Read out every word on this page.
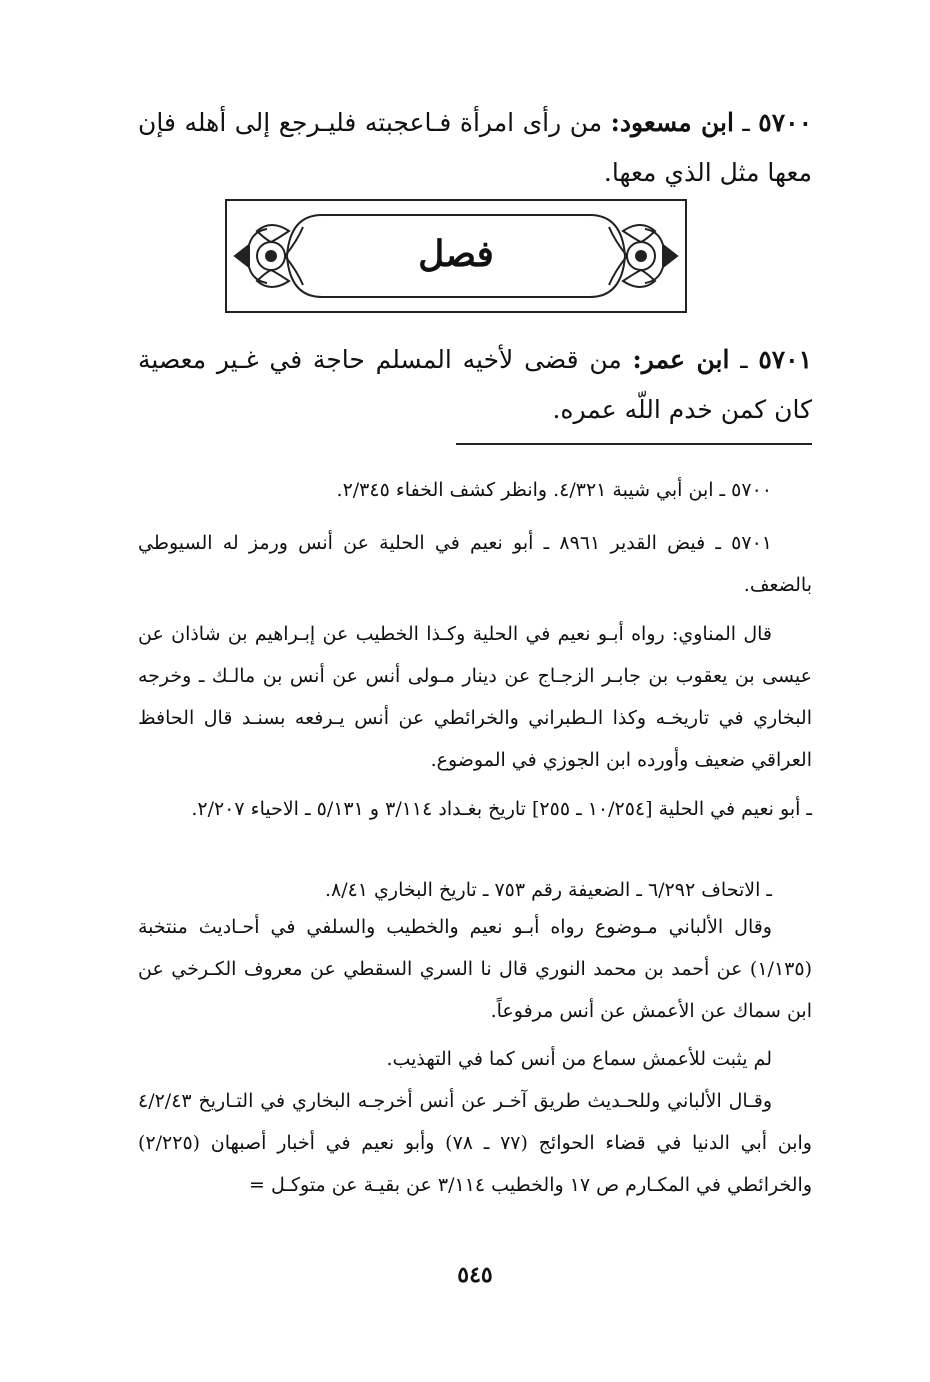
٥٧٠٠ ـ ابن مسعود: من رأى امرأة فـاعجبته فليـرجع إلى أهله فإن معها مثل الذي معها.
فصل
٥٧٠١ ـ ابن عمر: من قضى لأخيه المسلم حاجة في غـير معصية كان كمن خدم اللّه عمره.
٥٧٠٠ ـ ابن أبي شيبة ٤/٣٢١. وانظر كشف الخفاء ٢/٣٤٥.
٥٧٠١ ـ فيض القدير ٨٩٦١ ـ أبو نعيم في الحلية عن أنس ورمز له السيوطي بالضعف.
قال المناوي: رواه أبـو نعيم في الحلية وكـذا الخطيب عن إبـراهيم بن شاذان عن عيسى بن يعقوب بن جابـر الزجـاج عن دينار مـولى أنس عن أنس بن مالـك ـ وخرجه البخاري في تاريخـه وكذا الـطبراني والخرائطي عن أنس يـرفعه بسنـد قال الحافظ العراقي ضعيف وأورده ابن الجوزي في الموضوع.
ـ أبو نعيم في الحلية [١٠/٢٥٤ ـ ٢٥٥] تاريخ بغـداد ٣/١١٤ و ٥/١٣١ ـ الاحياء ٢/٢٠٧.
ـ الاتحاف ٦/٢٩٢ ـ الضعيفة رقم ٧٥٣ ـ تاريخ البخاري ٨/٤١.
وقال الألباني مـوضوع رواه أبـو نعيم والخطيب والسلفي في أحـاديث منتخبة (١/١٣٥) عن أحمد بن محمد النوري قال نا السري السقطي عن معروف الكـرخي عن ابن سماك عن الأعمش عن أنس مرفوعاً.
لم يثبت للأعمش سماع من أنس كما في التهذيب.
وقـال الألباني وللحـديث طريق آخـر عن أنس أخرجـه البخاري في التـاريخ ٤/٢/٤٣ وابن أبي الدنيا في قضاء الحوائج (٧٧ ـ ٧٨) وأبو نعيم في أخبار أصبهان (٢/٢٢٥) والخرائطي في المكـارم ص ١٧ والخطيب ٣/١١٤ عن بقيـة عن متوكـل =
٥٤٥
